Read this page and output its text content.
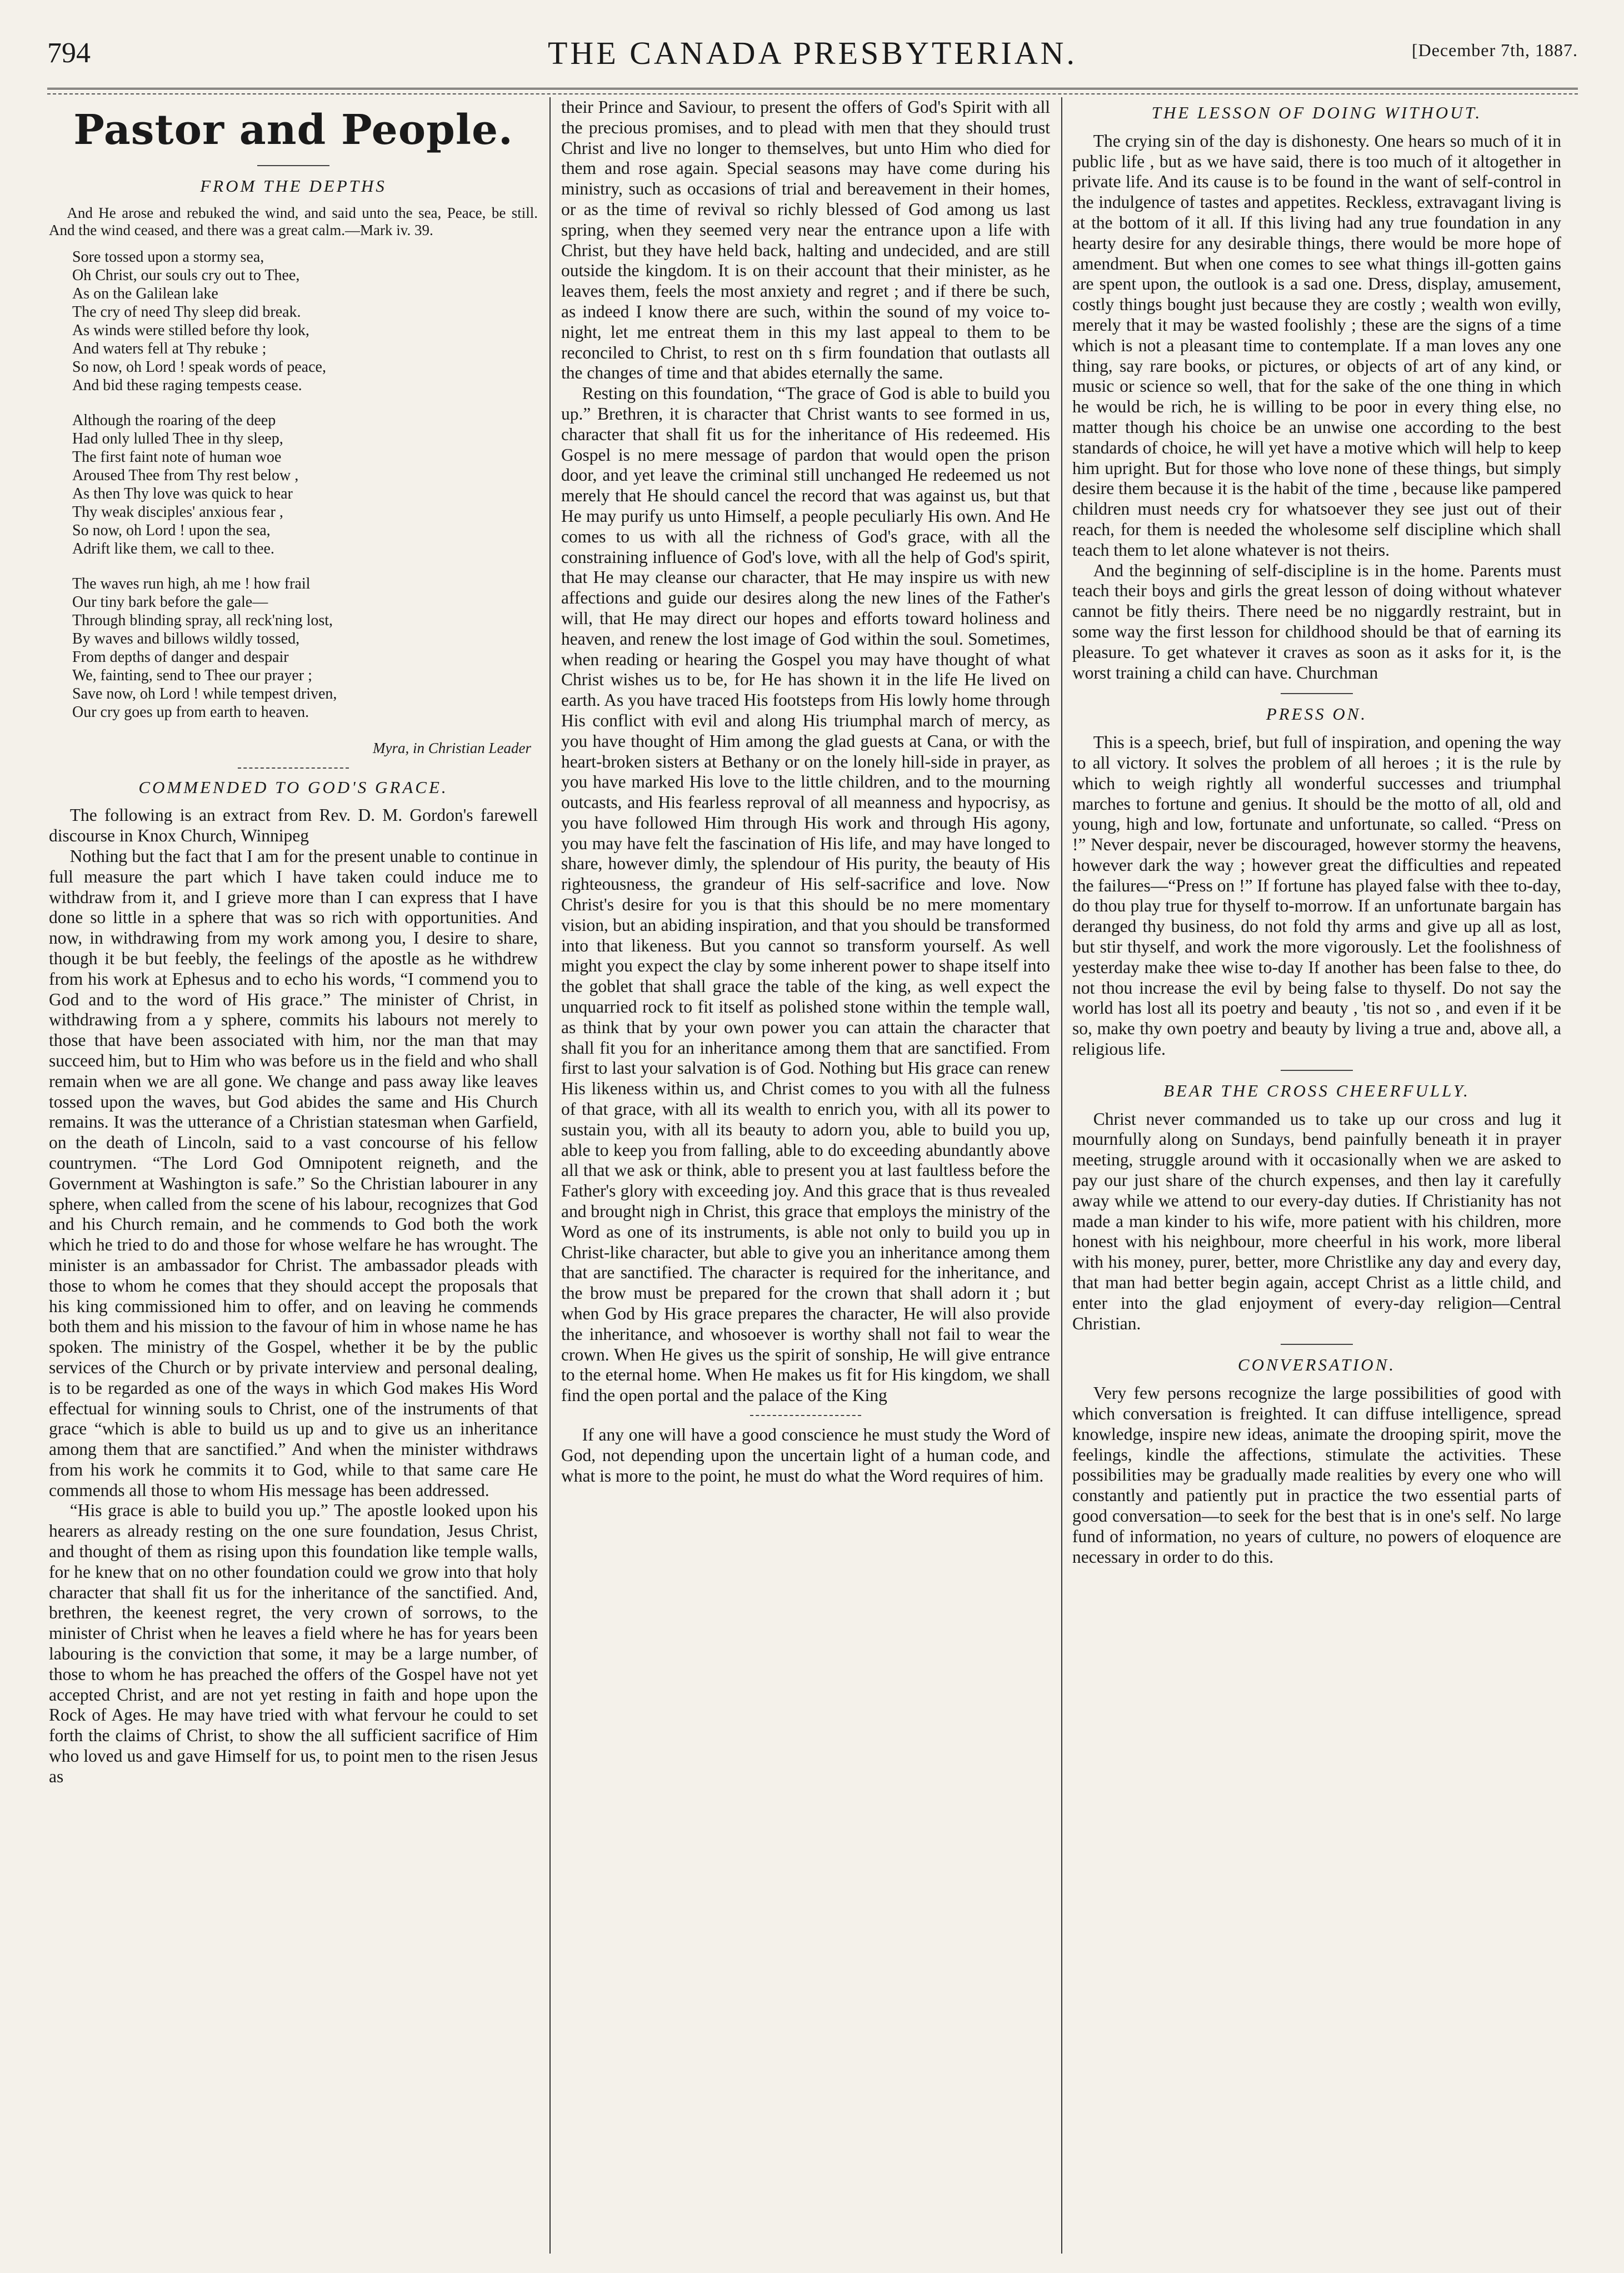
794	THE CANADA PRESBYTERIAN.	[December 7th, 1887.
Pastor and People.
FROM THE DEPTHS
And He arose and rebuked the wind, and said unto the sea, Peace, be still. And the wind ceased, and there was a great calm.—Mark iv. 39.
Sore tossed upon a stormy sea,
Oh Christ, our souls cry out to Thee,
As on the Galilean lake
The cry of need Thy sleep did break.
As winds were stilled before thy look,
And waters fell at Thy rebuke ;
So now, oh Lord ! speak words of peace,
And bid these raging tempests cease.
Although the roaring of the deep
Had only lulled Thee in thy sleep,
The first faint note of human woe
Aroused Thee from Thy rest below ,
As then Thy love was quick to hear
Thy weak disciples' anxious fear ,
So now, oh Lord ! upon the sea,
Adrift like them, we call to thee.
The waves run high, ah me ! how frail
Our tiny bark before the gale—
Through blinding spray, all reck'ning lost,
By waves and billows wildly tossed,
From depths of danger and despair
We, fainting, send to Thee our prayer ;
Save now, oh Lord ! while tempest driven,
Our cry goes up from earth to heaven.
Myra, in Christian Leader
COMMENDED TO GOD'S GRACE.

The following is an extract from Rev. D. M. Gordon's farewell discourse in Knox Church, Winnipeg

Nothing but the fact that I am for the present unable to continue in full measure the part which I have taken could induce me to withdraw from it, and I grieve more than I can express that I have done so little in a sphere that was so rich with opportunities. And now, in withdrawing from my work among you, I desire to share, though it be but feebly, the feelings of the apostle as he withdrew from his work at Ephesus and to echo his words, “I commend you to God and to the word of His grace.” The minister of Christ, in withdrawing from a y sphere, commits his labours not merely to those that have been associated with him, nor the man that may succeed him, but to Him who was before us in the field and who shall remain when we are all gone. We change and pass away like leaves tossed upon the waves, but God abides the same and His Church remains. It was the utterance of a Christian statesman when Garfield, on the death of Lincoln, said to a vast concourse of his fellow countrymen. “The Lord God Omnipotent reigneth, and the Government at Washington is safe.” So the Christian labourer in any sphere, when called from the scene of his labour, recognizes that God and his Church remain, and he commends to God both the work which he tried to do and those for whose welfare he has wrought. The minister is an ambassador for Christ. The ambassador pleads with those to whom he comes that they should accept the proposals that his king commissioned him to offer, and on leaving he commends both them and his mission to the favour of him in whose name he has spoken. The ministry of the Gospel, whether it be by the public services of the Church or by private interview and personal dealing, is to be regarded as one of the ways in which God makes His Word effectual for winning souls to Christ, one of the instruments of that grace “which is able to build us up and to give us an inheritance among them that are sanctified.” And when the minister withdraws from his work he commits it to God, while to that same care He commends all those to whom His message has been addressed.

“His grace is able to build you up.” The apostle looked upon his hearers as already resting on the one sure foundation, Jesus Christ, and thought of them as rising upon this foundation like temple walls, for he knew that on no other foundation could we grow into that holy character that shall fit us for the inheritance of the sanctified. And, brethren, the keenest regret, the very crown of sorrows, to the minister of Christ when he leaves a field where he has for years been labouring is the conviction that some, it may be a large number, of those to whom he has preached the offers of the Gospel have not yet accepted Christ, and are not yet resting in faith and hope upon the Rock of Ages. He may have tried with what fervour he could to set forth the claims of Christ, to show the all sufficient sacrifice of Him who loved us and gave Himself for us, to point men to the risen Jesus as

their Prince and Saviour, to present the offers of God's Spirit with all the precious promises, and to plead with men that they should trust Christ and live no longer to themselves, but unto Him who died for them and rose again. Special seasons may have come during his ministry, such as occasions of trial and bereavement in their homes, or as the time of revival so richly blessed of God among us last spring, when they seemed very near the entrance upon a life with Christ, but they have held back, halting and undecided, and are still outside the kingdom. It is on their account that their minister, as he leaves them, feels the most anxiety and regret ; and if there be such, as indeed I know there are such, within the sound of my voice to-night, let me entreat them in this my last appeal to them to be reconciled to Christ, to rest on th s firm foundation that outlasts all the changes of time and that abides eternally the same.

Resting on this foundation, “The grace of God is able to build you up.” Brethren, it is character that Christ wants to see formed in us, character that shall fit us for the inheritance of His redeemed. His Gospel is no mere message of pardon that would open the prison door, and yet leave the criminal still unchanged He redeemed us not merely that He should cancel the record that was against us, but that He may purify us unto Himself, a people peculiarly His own. And He comes to us with all the richness of God's grace, with all the constraining influence of God's love, with all the help of God's spirit, that He may cleanse our character, that He may inspire us with new affections and guide our desires along the new lines of the Father's will, that He may direct our hopes and efforts toward holiness and heaven, and renew the lost image of God within the soul. Sometimes, when reading or hearing the Gospel you may have thought of what Christ wishes us to be, for He has shown it in the life He lived on earth. As you have traced His footsteps from His lowly home through His conflict with evil and along His triumphal march of mercy, as you have thought of Him among the glad guests at Cana, or with the heart-broken sisters at Bethany or on the lonely hill-side in prayer, as you have marked His love to the little children, and to the mourning outcasts, and His fearless reproval of all meanness and hypocrisy, as you have followed Him through His work and through His agony, you may have felt the fascination of His life, and may have longed to share, however dimly, the splendour of His purity, the beauty of His righteousness, the grandeur of His self-sacrifice and love. Now Christ's desire for you is that this should be no mere momentary vision, but an abiding inspiration, and that you should be transformed into that likeness. But you cannot so transform yourself. As well might you expect the clay by some inherent power to shape itself into the goblet that shall grace the table of the king, as well expect the unquarried rock to fit itself as polished stone within the temple wall, as think that by your own power you can attain the character that shall fit you for an inheritance among them that are sanctified. From first to last your salvation is of God. Nothing but His grace can renew His likeness within us, and Christ comes to you with all the fulness of that grace, with all its wealth to enrich you, with all its power to sustain you, with all its beauty to adorn you, able to build you up, able to keep you from falling, able to do exceeding abundantly above all that we ask or think, able to present you at last faultless before the Father's glory with exceeding joy. And this grace that is thus revealed and brought nigh in Christ, this grace that employs the ministry of the Word as one of its instruments, is able not only to build you up in Christ-like character, but able to give you an inheritance among them that are sanctified. The character is required for the inheritance, and the brow must be prepared for the crown that shall adorn it ; but when God by His grace prepares the character, He will also provide the inheritance, and whosoever is worthy shall not fail to wear the crown. When He gives us the spirit of sonship, He will give entrance to the eternal home. When He makes us fit for His kingdom, we shall find the open portal and the palace of the King

If any one will have a good conscience he must study the Word of God, not depending upon the uncertain light of a human code, and what is more to the point, he must do what the Word requires of him.

THE LESSON OF DOING WITHOUT.

The crying sin of the day is dishonesty. One hears so much of it in public life , but as we have said, there is too much of it altogether in private life. And its cause is to be found in the want of self-control in the indulgence of tastes and appetites. Reckless, extravagant living is at the bottom of it all. If this living had any true foundation in any hearty desire for any desirable things, there would be more hope of amendment. But when one comes to see what things ill-gotten gains are spent upon, the outlook is a sad one. Dress, display, amusement, costly things bought just because they are costly ; wealth won evilly, merely that it may be wasted foolishly ; these are the signs of a time which is not a pleasant time to contemplate. If a man loves any one thing, say rare books, or pictures, or objects of art of any kind, or music or science so well, that for the sake of the one thing in which he would be rich, he is willing to be poor in every thing else, no matter though his choice be an unwise one according to the best standards of choice, he will yet have a motive which will help to keep him upright. But for those who love none of these things, but simply desire them because it is the habit of the time , because like pampered children must needs cry for whatsoever they see just out of their reach, for them is needed the wholesome self discipline which shall teach them to let alone whatever is not theirs.

And the beginning of self-discipline is in the home. Parents must teach their boys and girls the great lesson of doing without whatever cannot be fitly theirs. There need be no niggardly restraint, but in some way the first lesson for childhood should be that of earning its pleasure. To get whatever it craves as soon as it asks for it, is the worst training a child can have. Churchman

PRESS ON.

This is a speech, brief, but full of inspiration, and opening the way to all victory. It solves the problem of all heroes ; it is the rule by which to weigh rightly all wonderful successes and triumphal marches to fortune and genius. It should be the motto of all, old and young, high and low, fortunate and unfortunate, so called. “Press on !” Never despair, never be discouraged, however stormy the heavens, however dark the way ; however great the difficulties and repeated the failures—“Press on !” If fortune has played false with thee to-day, do thou play true for thyself to-morrow. If an unfortunate bargain has deranged thy business, do not fold thy arms and give up all as lost, but stir thyself, and work the more vigorously. Let the foolishness of yesterday make thee wise to-day If another has been false to thee, do not thou increase the evil by being false to thyself. Do not say the world has lost all its poetry and beauty , 'tis not so , and even if it be so, make thy own poetry and beauty by living a true and, above all, a religious life.

BEAR THE CROSS CHEERFULLY.

Christ never commanded us to take up our cross and lug it mournfully along on Sundays, bend painfully beneath it in prayer meeting, struggle around with it occasionally when we are asked to pay our just share of the church expenses, and then lay it carefully away while we attend to our every-day duties. If Christianity has not made a man kinder to his wife, more patient with his children, more honest with his neighbour, more cheerful in his work, more liberal with his money, purer, better, more Christlike any day and every day, that man had better begin again, accept Christ as a little child, and enter into the glad enjoyment of every-day religion—Central Christian.

CONVERSATION.

Very few persons recognize the large possibilities of good with which conversation is freighted. It can diffuse intelligence, spread knowledge, inspire new ideas, animate the drooping spirit, move the feelings, kindle the affections, stimulate the activities. These possibilities may be gradually made realities by every one who will constantly and patiently put in practice the two essential parts of good conversation—to seek for the best that is in one's self. No large fund of information, no years of culture, no powers of eloquence are necessary in order to do this.
